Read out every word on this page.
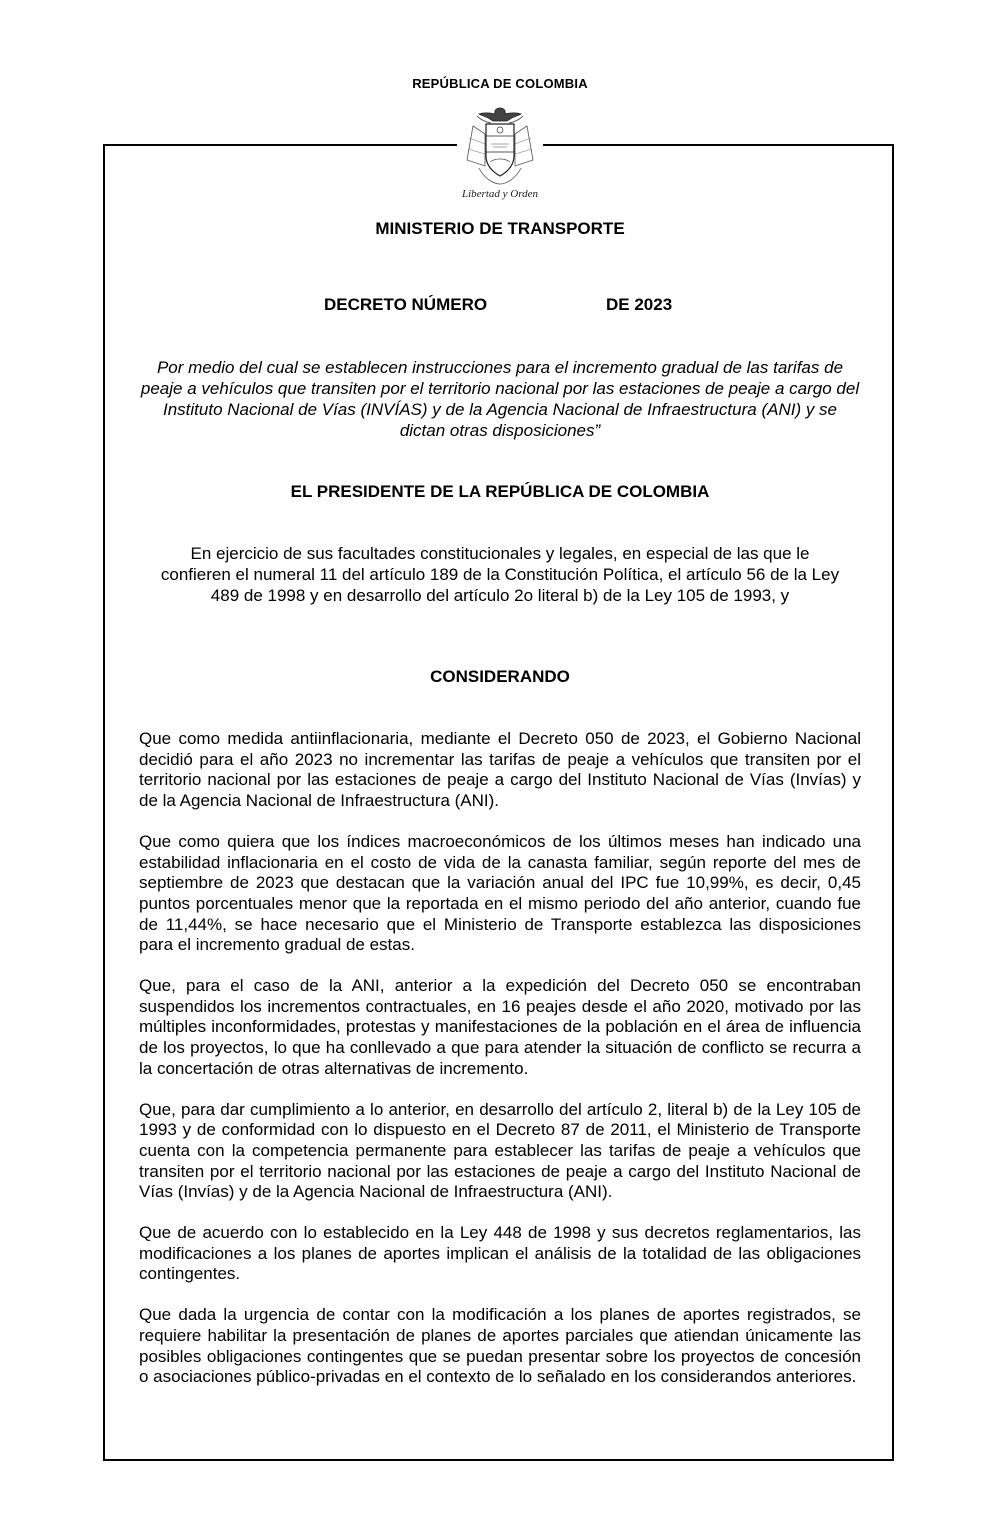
REPÚBLICA DE COLOMBIA
Libertad y Orden
MINISTERIO DE TRANSPORTE
DECRETO NÚMERO	DE 2023
Por medio del cual se establecen instrucciones para el incremento gradual de las tarifas de peaje a vehículos que transiten por el territorio nacional por las estaciones de peaje a cargo del Instituto Nacional de Vías (INVÍAS) y de la Agencia Nacional de Infraestructura (ANI) y se dictan otras disposiciones”
EL PRESIDENTE DE LA REPÚBLICA DE COLOMBIA
En ejercicio de sus facultades constitucionales y legales, en especial de las que le confieren el numeral 11 del artículo 189 de la Constitución Política, el artículo 56 de la Ley 489 de 1998 y en desarrollo del artículo 2o literal b) de la Ley 105 de 1993, y
CONSIDERANDO

Que como medida antiinflacionaria, mediante el Decreto 050 de 2023, el Gobierno Nacional decidió para el año 2023 no incrementar las tarifas de peaje a vehículos que transiten por el territorio nacional por las estaciones de peaje a cargo del Instituto Nacional de Vías (Invías) y de la Agencia Nacional de Infraestructura (ANI).

Que como quiera que los índices macroeconómicos de los últimos meses han indicado una estabilidad inflacionaria en el costo de vida de la canasta familiar, según reporte del mes de septiembre de 2023 que destacan que la variación anual del IPC fue 10,99%, es decir, 0,45 puntos porcentuales menor que la reportada en el mismo periodo del año anterior, cuando fue de 11,44%, se hace necesario que el Ministerio de Transporte establezca las disposiciones para el incremento gradual de estas.

Que, para el caso de la ANI, anterior a la expedición del Decreto 050 se encontraban suspendidos los incrementos contractuales, en 16 peajes desde el año 2020, motivado por las múltiples inconformidades, protestas y manifestaciones de la población en el área de influencia de los proyectos, lo que ha conllevado a que para atender la situación de conflicto se recurra a la concertación de otras alternativas de incremento.

Que, para dar cumplimiento a lo anterior, en desarrollo del artículo 2, literal b) de la Ley 105 de 1993 y de conformidad con lo dispuesto en el Decreto 87 de 2011, el Ministerio de Transporte cuenta con la competencia permanente para establecer las tarifas de peaje a vehículos que transiten por el territorio nacional por las estaciones de peaje a cargo del Instituto Nacional de Vías (Invías) y de la Agencia Nacional de Infraestructura (ANI).

Que de acuerdo con lo establecido en la Ley 448 de 1998 y sus decretos reglamentarios, las modificaciones a los planes de aportes implican el análisis de la totalidad de las obligaciones contingentes.

Que dada la urgencia de contar con la modificación a los planes de aportes registrados, se requiere habilitar la presentación de planes de aportes parciales que atiendan únicamente las posibles obligaciones contingentes que se puedan presentar sobre los proyectos de concesión o asociaciones público-privadas en el contexto de lo señalado en los considerandos anteriores.
